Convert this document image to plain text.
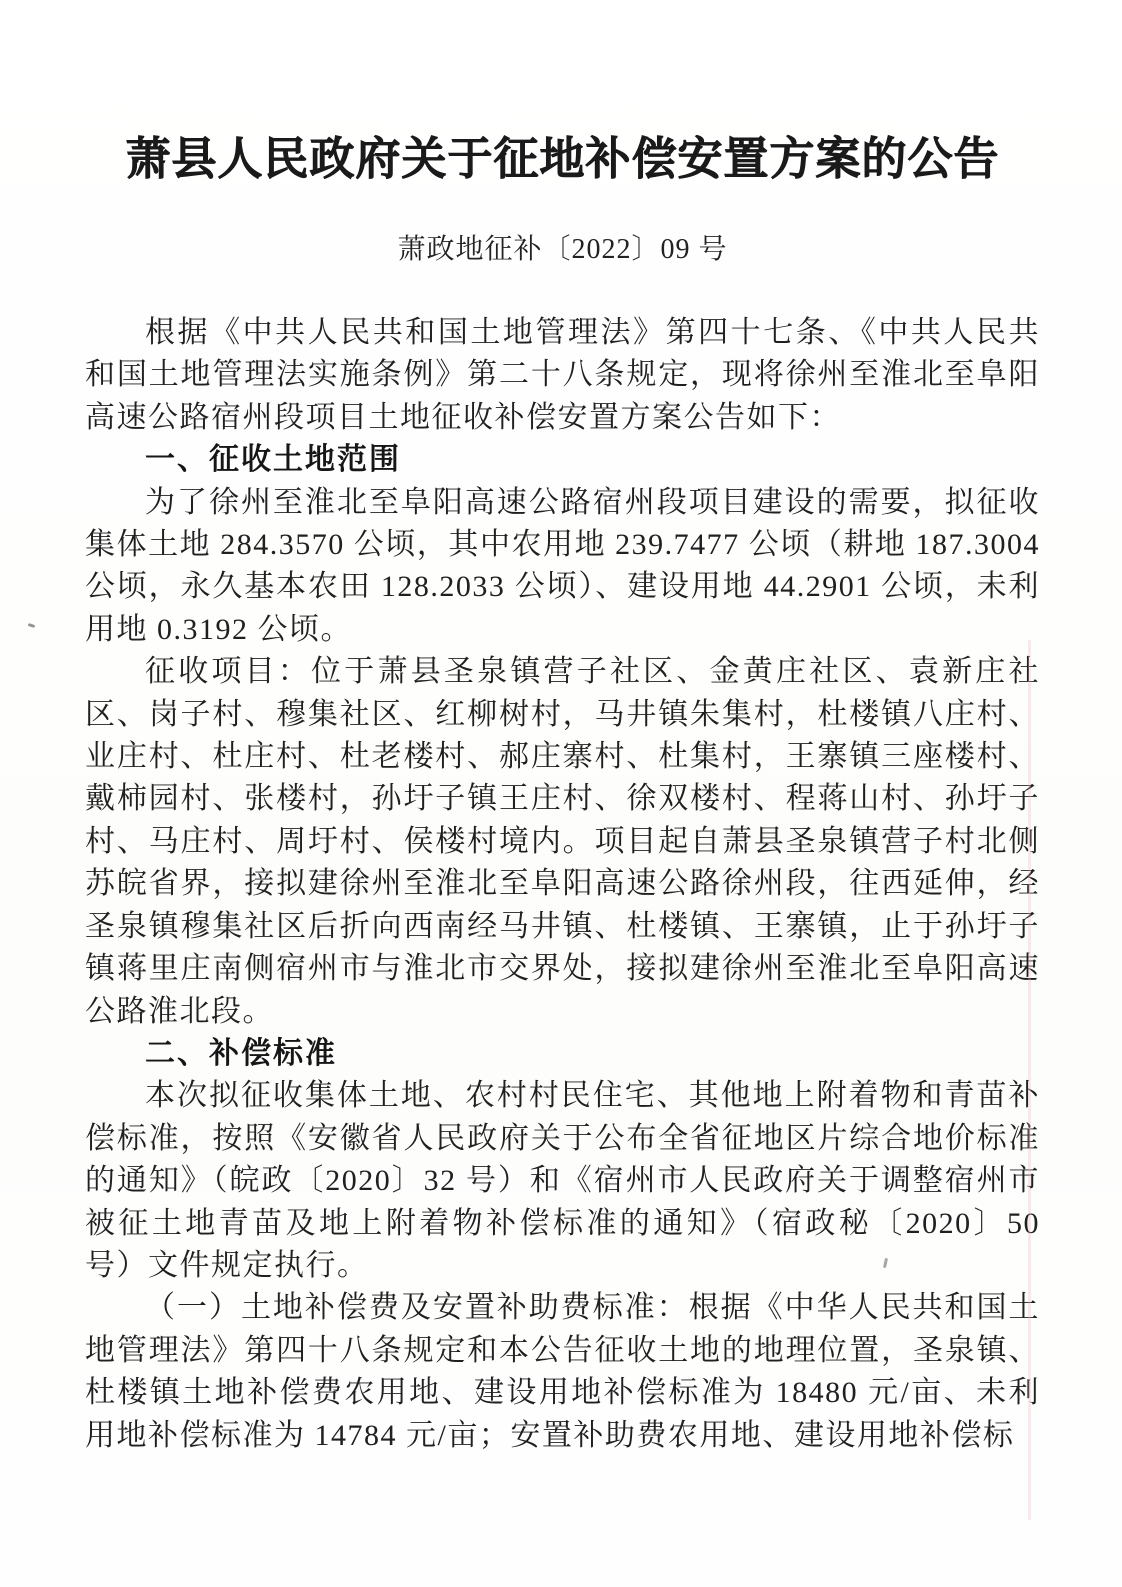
萧县人民政府关于征地补偿安置方案的公告
萧政地征补〔2022〕09 号

根据《中共人民共和国土地管理法》第四十七条、《中共人民共和国土地管理法实施条例》第二十八条规定，现将徐州至淮北至阜阳高速公路宿州段项目土地征收补偿安置方案公告如下：

一、征收土地范围

为了徐州至淮北至阜阳高速公路宿州段项目建设的需要，拟征收集体土地 284.3570 公顷，其中农用地 239.7477 公顷（耕地 187.3004 公顷，永久基本农田 128.2033 公顷）、建设用地 44.2901 公顷，未利用地 0.3192 公顷。

征收项目：位于萧县圣泉镇营子社区、金黄庄社区、袁新庄社区、岗子村、穆集社区、红柳树村，马井镇朱集村，杜楼镇八庄村、业庄村、杜庄村、杜老楼村、郝庄寨村、杜集村，王寨镇三座楼村、戴柿园村、张楼村，孙圩子镇王庄村、徐双楼村、程蒋山村、孙圩子村、马庄村、周圩村、侯楼村境内。项目起自萧县圣泉镇营子村北侧苏皖省界，接拟建徐州至淮北至阜阳高速公路徐州段，往西延伸，经圣泉镇穆集社区后折向西南经马井镇、杜楼镇、王寨镇，止于孙圩子镇蒋里庄南侧宿州市与淮北市交界处，接拟建徐州至淮北至阜阳高速公路淮北段。

二、补偿标准

本次拟征收集体土地、农村村民住宅、其他地上附着物和青苗补偿标准，按照《安徽省人民政府关于公布全省征地区片综合地价标准的通知》（皖政〔2020〕32 号）和《宿州市人民政府关于调整宿州市被征土地青苗及地上附着物补偿标准的通知》（宿政秘〔2020〕50 号）文件规定执行。

（一）土地补偿费及安置补助费标准：根据《中华人民共和国土地管理法》第四十八条规定和本公告征收土地的地理位置，圣泉镇、杜楼镇土地补偿费农用地、建设用地补偿标准为 18480 元/亩、未利用地补偿标准为 14784 元/亩；安置补助费农用地、建设用地补偿标
